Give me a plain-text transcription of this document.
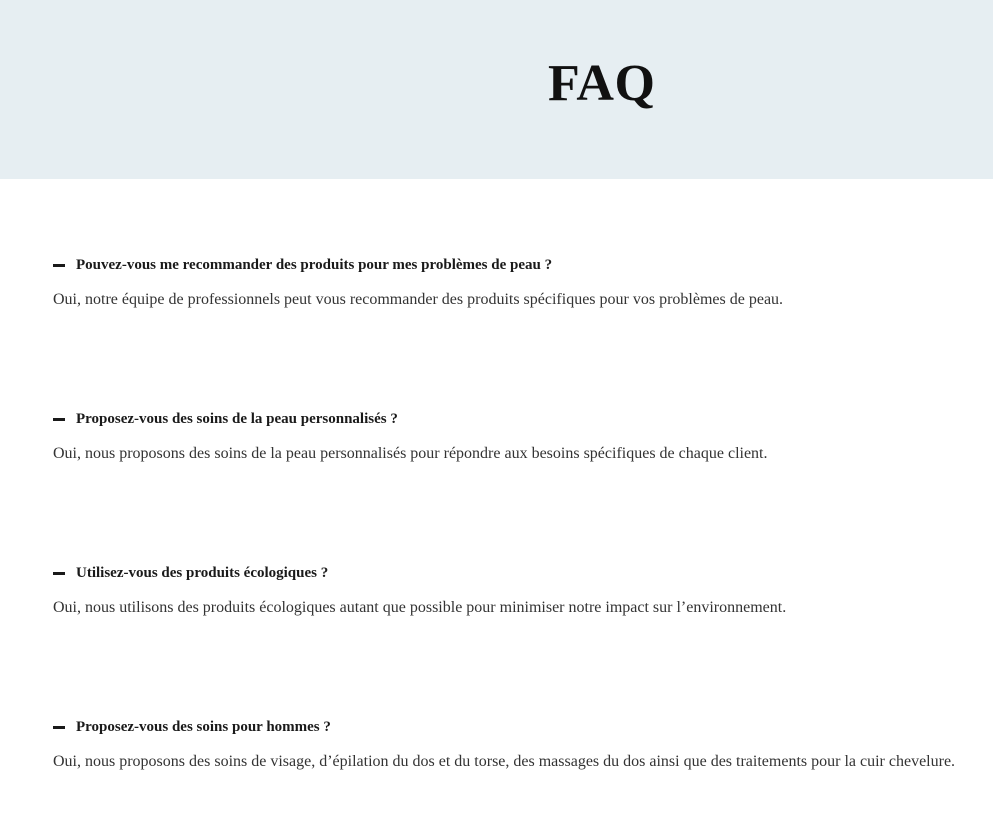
FAQ
Pouvez-vous me recommander des produits pour mes problèmes de peau ?

Oui, notre équipe de professionnels peut vous recommander des produits spécifiques pour vos problèmes de peau.

Proposez-vous des soins de la peau personnalisés ?

Oui, nous proposons des soins de la peau personnalisés pour répondre aux besoins spécifiques de chaque client.

Utilisez-vous des produits écologiques ?

Oui, nous utilisons des produits écologiques autant que possible pour minimiser notre impact sur l’environnement.

Proposez-vous des soins pour hommes ?

Oui, nous proposons des soins de visage, d’épilation du dos et du torse, des massages du dos ainsi que des traitements pour la cuir chevelure.
